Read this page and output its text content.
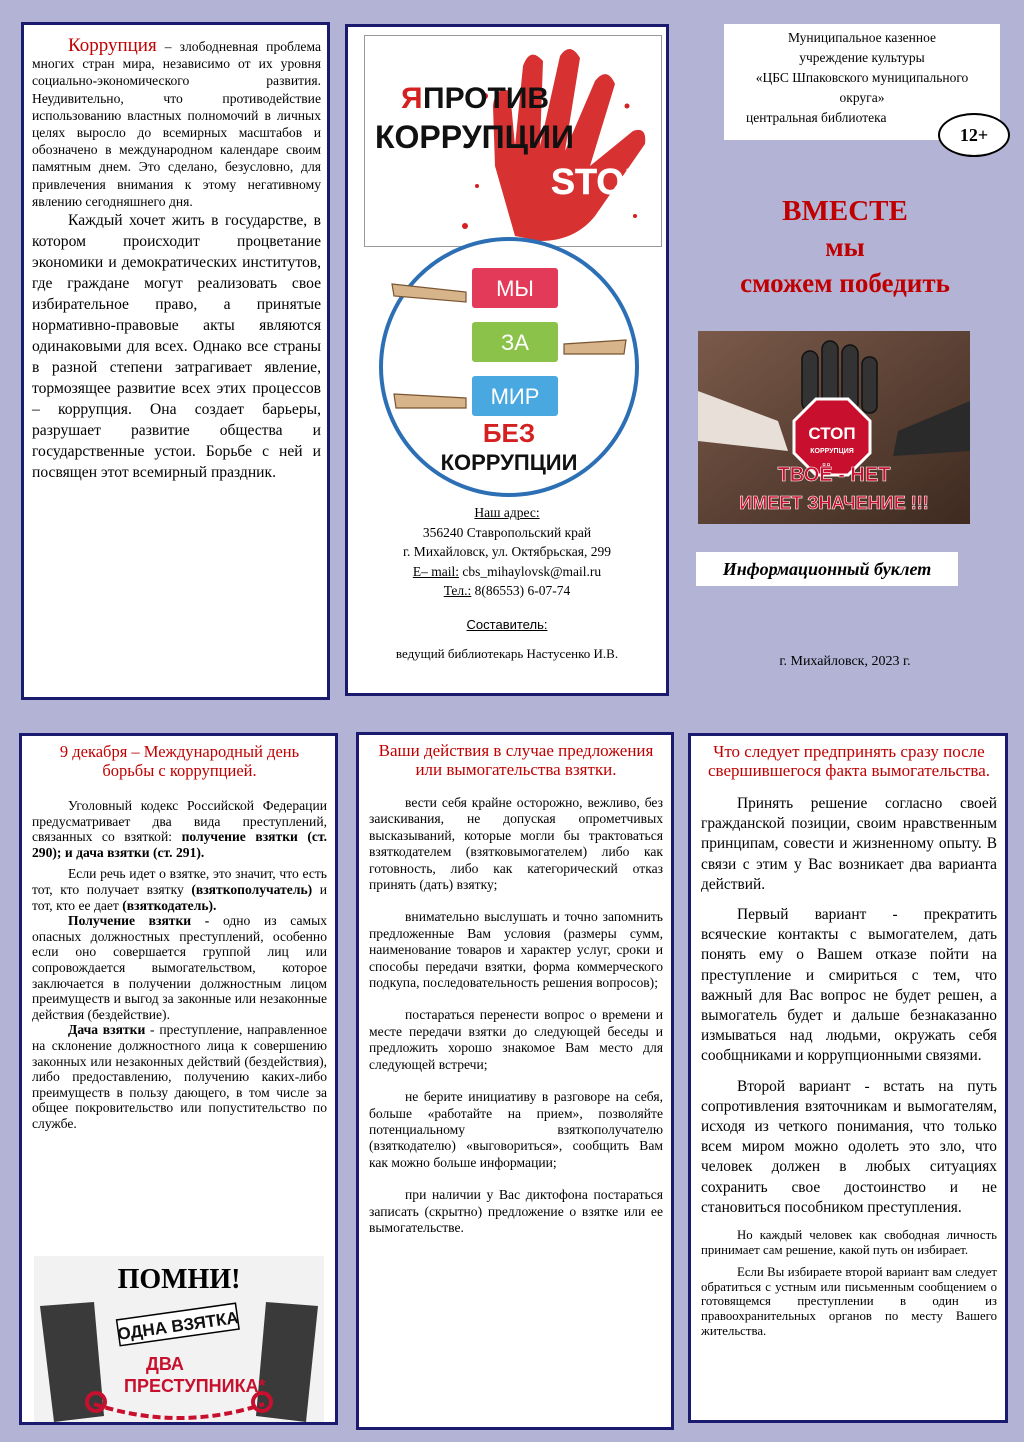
Коррупция – злободневная проблема многих стран мира, независимо от их уровня социально-экономического развития. Неудивительно, что противодействие использованию властных полномочий в личных целях выросло до всемирных масштабов и обозначено в международном календаре своим памятным днем. Это сделано, безусловно, для привлечения внимания к этому негативному явлению сегодняшнего дня.

Каждый хочет жить в государстве, в котором происходит процветание экономики и демократических институтов, где граждане могут реализовать свое избирательное право, а принятые нормативно-правовые акты являются одинаковыми для всех. Однако все страны в разной степени затрагивает явление, тормозящее развитие всех этих процессов – коррупция. Она создает барьеры, разрушает развитие общества и государственные устои. Борьбе с ней и посвящен этот всемирный праздник.

Я ПРОТИВ
КОРРУПЦИИ
STOP
МЫ
ЗА
МИР
БЕЗ
КОРРУПЦИИ
Наш адрес:
356240 Ставропольский край
г. Михайловск, ул. Октябрьская, 299
E– mail: cbs_mihaylovsk@mail.ru
Тел.: 8(86553) 6-07-74
Составитель:
ведущий библиотекарь Настусенко И.В.
Муниципальное казенное
учреждение культуры
«ЦБС Шпаковского муниципального
округа»
центральная библиотека
12+
ВМЕСТЕ
мы
сможем победить
СТОП
КОРРУПЦИЯ
ТВОЁ - НЕТ
ИМЕЕТ ЗНАЧЕНИЕ !!!
Информационный буклет
г. Михайловск, 2023 г.
9 декабря – Международный день борьбы с коррупцией.

Уголовный кодекс Российской Федерации предусматривает два вида преступлений, связанных со взяткой: получение взятки (ст. 290); и дача взятки (ст. 291).

Если речь идет о взятке, это значит, что есть тот, кто получает взятку (взяткополучатель) и тот, кто ее дает (взяткодатель).

Получение взятки - одно из самых опасных должностных преступлений, особенно если оно совершается группой лиц или сопровождается вымогательством, которое заключается в получении должностным лицом преимуществ и выгод за законные или незаконные действия (бездействие).

Дача взятки - преступление, направленное на склонение должностного лица к совершению законных или незаконных действий (бездействия), либо предоставлению, получению каких-либо преимуществ в пользу дающего, в том числе за общее покровительство или попустительство по службе.

ПОМНИ!
ОДНА ВЗЯТКА
ДВА
ПРЕСТУПНИКА*
Ваши действия в случае предложения или вымогательства взятки.

вести себя крайне осторожно, вежливо, без заискивания, не допуская опрометчивых высказываний, которые могли бы трактоваться взяткодателем (взятковымогателем) либо как готовность, либо как категорический отказ принять (дать) взятку;

внимательно выслушать и точно запомнить предложенные Вам условия (размеры сумм, наименование товаров и характер услуг, сроки и способы передачи взятки, форма коммерческого подкупа, последовательность решения вопросов);

постараться перенести вопрос о времени и месте передачи взятки до следующей беседы и предложить хорошо знакомое Вам место для следующей встречи;

не берите инициативу в разговоре на себя, больше «работайте на прием», позволяйте потенциальному взяткополучателю (взяткодателю) «выговориться», сообщить Вам как можно больше информации;

при наличии у Вас диктофона постараться записать (скрытно) предложение о взятке или ее вымогательстве.

Что следует предпринять сразу после свершившегося факта вымогательства.

Принять решение согласно своей гражданской позиции, своим нравственным принципам, совести и жизненному опыту. В связи с этим у Вас возникает два варианта действий.

Первый вариант - прекратить всяческие контакты с вымогателем, дать понять ему о Вашем отказе пойти на преступление и смириться с тем, что важный для Вас вопрос не будет решен, а вымогатель будет и дальше безнаказанно измываться над людьми, окружать себя сообщниками и коррупционными связями.

Второй вариант - встать на путь сопротивления взяточникам и вымогателям, исходя из четкого понимания, что только всем миром можно одолеть это зло, что человек должен в любых ситуациях сохранить свое достоинство и не становиться пособником преступления.

Но каждый человек как свободная личность принимает сам решение, какой путь он избирает.

Если Вы избираете второй вариант вам следует обратиться с устным или письменным сообщением о готовящемся преступлении в один из правоохранительных органов по месту Вашего жительства.
